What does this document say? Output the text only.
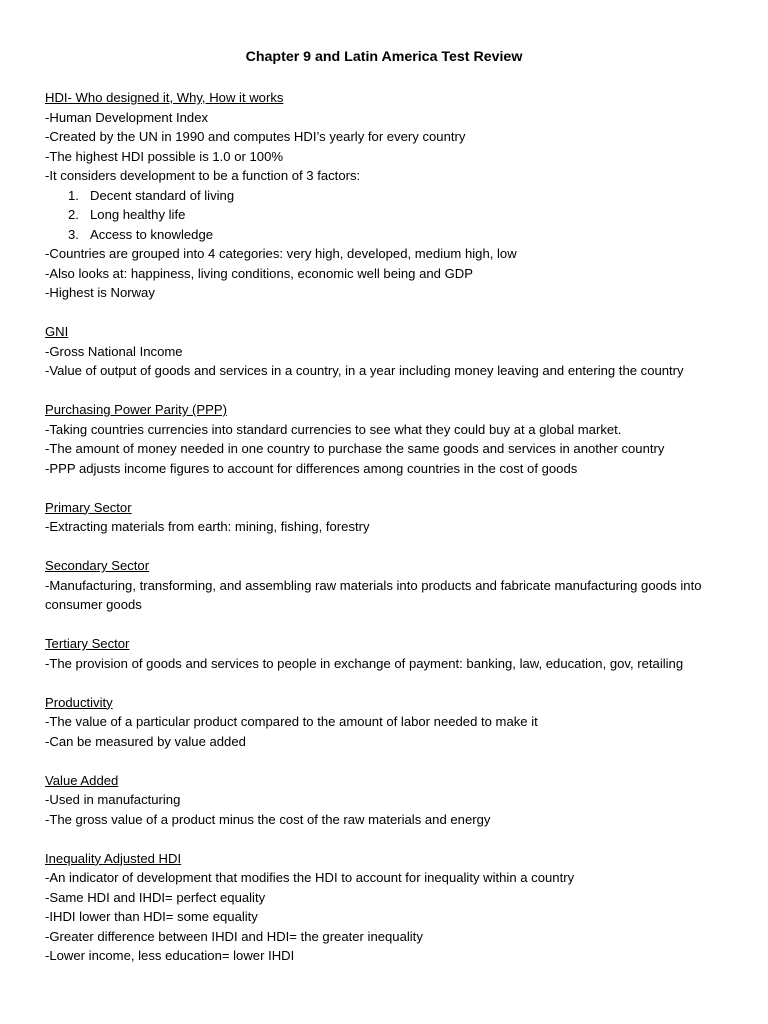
Chapter 9 and Latin America Test Review
HDI- Who designed it, Why, How it works
-Human Development Index
-Created by the UN in 1990 and computes HDI’s yearly for every country
-The highest HDI possible is 1.0 or 100%
-It considers development to be a function of 3 factors:
1. Decent standard of living
2. Long healthy life
3. Access to knowledge
-Countries are grouped into 4 categories: very high, developed, medium high, low
-Also looks at: happiness, living conditions, economic well being and GDP
-Highest is Norway
GNI
-Gross National Income
-Value of output of goods and services in a country, in a year including money leaving and entering the country
Purchasing Power Parity (PPP)
-Taking countries currencies into standard currencies to see what they could buy at a global market.
-The amount of money needed in one country to purchase the same goods and services in another country
-PPP adjusts income figures to account for differences among countries in the cost of goods
Primary Sector
-Extracting materials from earth: mining, fishing, forestry
Secondary Sector
-Manufacturing, transforming, and assembling raw materials into products and fabricate manufacturing goods into consumer goods
Tertiary Sector
-The provision of goods and services to people in exchange of payment: banking, law, education, gov, retailing
Productivity
-The value of a particular product compared to the amount of labor needed to make it
-Can be measured by value added
Value Added
-Used in manufacturing
-The gross value of a product minus the cost of the raw materials and energy
Inequality Adjusted HDI
-An indicator of development that modifies the HDI to account for inequality within a country
-Same HDI and IHDI= perfect equality
-IHDI lower than HDI= some equality
-Greater difference between IHDI and HDI= the greater inequality
-Lower income, less education= lower IHDI
